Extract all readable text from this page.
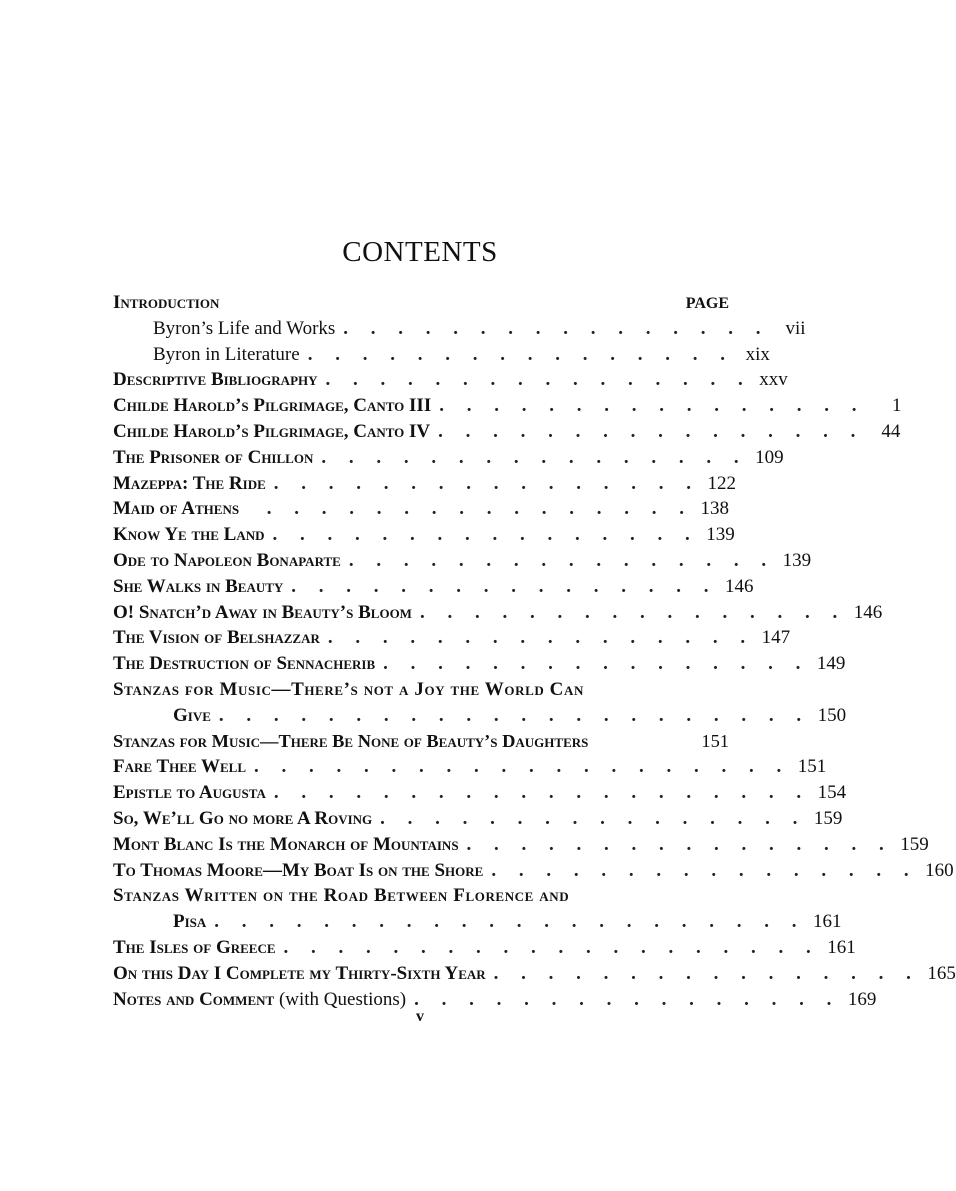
CONTENTS
Introduction	PAGE
Byron’s Life and Works . . . . . . . . . . . . . . . . vii
Byron in Literature . . . . . . . . . . . . . . . . xix
Descriptive Bibliography . . . . . . . . . . . . . . . . xxv
Childe Harold’s Pilgrimage, Canto III . . . . . . . . . . . . . . . .	1
Childe Harold’s Pilgrimage, Canto IV . . . . . . . . . . . . . . . . 44
The Prisoner of Chillon . . . . . . . . . . . . . . . . 109
Mazeppa: The Ride . . . . . . . . . . . . . . . . 122
Maid of Athens	. . . . . . . . . . . . . . . . 138
Know Ye the Land . . . . . . . . . . . . . . . . 139
Ode to Napoleon Bonaparte . . . . . . . . . . . . . . . . 139
She Walks in Beauty . . . . . . . . . . . . . . . . 146
O! Snatch’d Away in Beauty’s Bloom . . . . . . . . . . . . . . . . 146
The Vision of Belshazzar . . . . . . . . . . . . . . . . 147
The Destruction of Sennacherib . . . . . . . . . . . . . . . . 149
Stanzas for Music—There’s not a Joy the World Can
Give . . . . . . . . . . . . . . . . . . . . . . 150
Stanzas for Music—There Be None of Beauty’s Daughters	151
Fare Thee Well . . . . . . . . . . . . . . . . . . . . 151
Epistle to Augusta . . . . . . . . . . . . . . . . . . . . 154
So, We’ll Go no more A Roving . . . . . . . . . . . . . . . . 159
Mont Blanc Is the Monarch of Mountains . . . . . . . . . . . . . . . . 159
To Thomas Moore—My Boat Is on the Shore . . . . . . . . . . . . . . . . 160
Stanzas Written on the Road Between Florence and
Pisa . . . . . . . . . . . . . . . . . . . . . . 161
The Isles of Greece . . . . . . . . . . . . . . . . . . . . 161
On this Day I Complete my Thirty-Sixth Year . . . . . . . . . . . . . . . . 165
Notes and Comment (with Questions) . . . . . . . . . . . . . . . . 169
v
